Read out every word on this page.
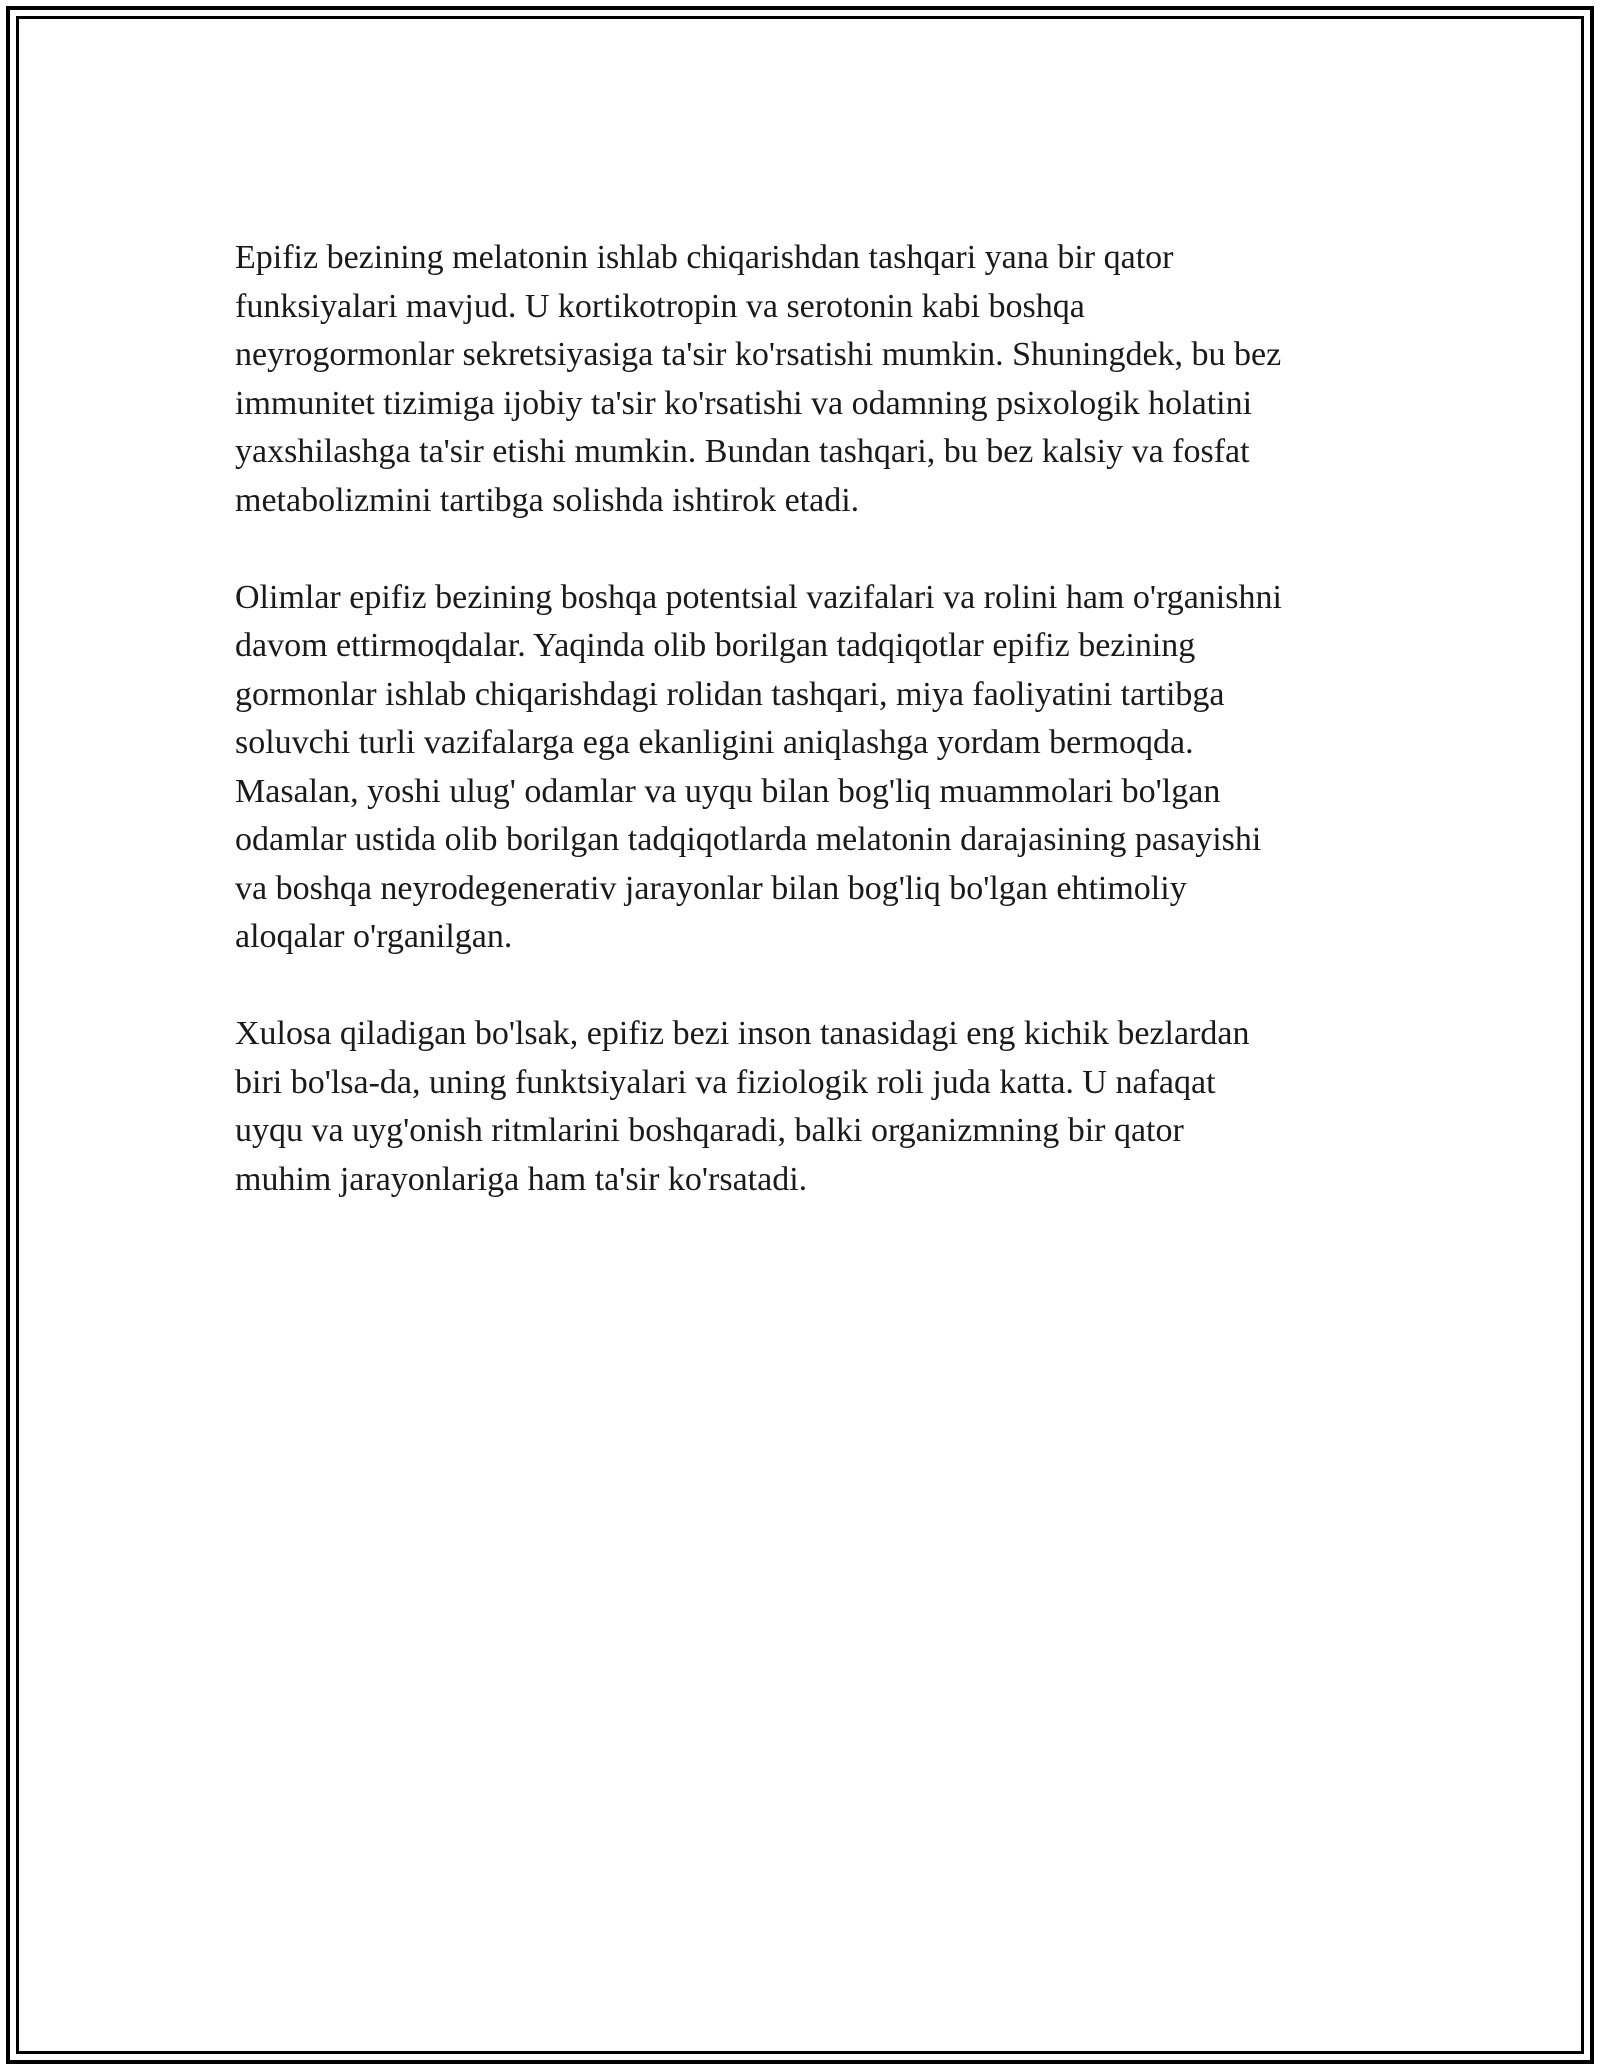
Epifiz bezining melatonin ishlab chiqarishdan tashqari yana bir qator
funksiyalari mavjud. U kortikotropin va serotonin kabi boshqa
neyrogormonlar sekretsiyasiga ta'sir ko'rsatishi mumkin. Shuningdek, bu bez
immunitet tizimiga ijobiy ta'sir ko'rsatishi va odamning psixologik holatini
yaxshilashga ta'sir etishi mumkin. Bundan tashqari, bu bez kalsiy va fosfat
metabolizmini tartibga solishda ishtirok etadi.

Olimlar epifiz bezining boshqa potentsial vazifalari va rolini ham o'rganishni
davom ettirmoqdalar. Yaqinda olib borilgan tadqiqotlar epifiz bezining
gormonlar ishlab chiqarishdagi rolidan tashqari, miya faoliyatini tartibga
soluvchi turli vazifalarga ega ekanligini aniqlashga yordam bermoqda.
Masalan, yoshi ulug' odamlar va uyqu bilan bog'liq muammolari bo'lgan
odamlar ustida olib borilgan tadqiqotlarda melatonin darajasining pasayishi
va boshqa neyrodegenerativ jarayonlar bilan bog'liq bo'lgan ehtimoliy
aloqalar o'rganilgan.

Xulosa qiladigan bo'lsak, epifiz bezi inson tanasidagi eng kichik bezlardan
biri bo'lsa-da, uning funktsiyalari va fiziologik roli juda katta. U nafaqat
uyqu va uyg'onish ritmlarini boshqaradi, balki organizmning bir qator
muhim jarayonlariga ham ta'sir ko'rsatadi.
